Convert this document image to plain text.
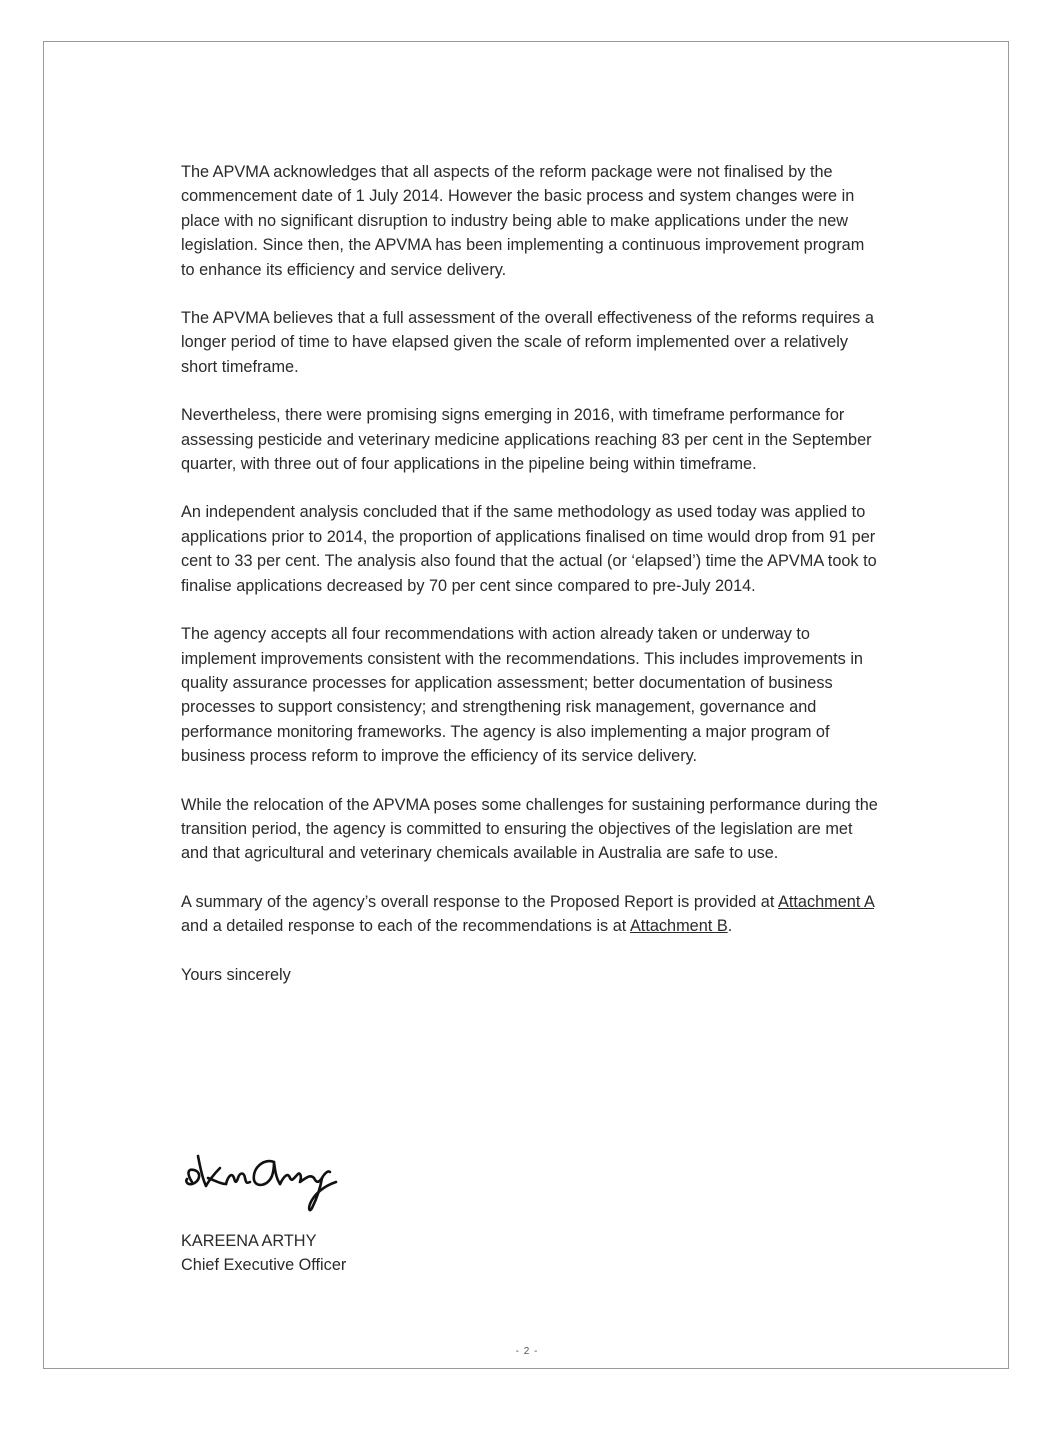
The APVMA acknowledges that all aspects of the reform package were not finalised by the commencement date of 1 July 2014. However the basic process and system changes were in place with no significant disruption to industry being able to make applications under the new legislation. Since then, the APVMA has been implementing a continuous improvement program to enhance its efficiency and service delivery.

The APVMA believes that a full assessment of the overall effectiveness of the reforms requires a longer period of time to have elapsed given the scale of reform implemented over a relatively short timeframe.

Nevertheless, there were promising signs emerging in 2016, with timeframe performance for assessing pesticide and veterinary medicine applications reaching 83 per cent in the September quarter, with three out of four applications in the pipeline being within timeframe.

An independent analysis concluded that if the same methodology as used today was applied to applications prior to 2014, the proportion of applications finalised on time would drop from 91 per cent to 33 per cent. The analysis also found that the actual (or ‘elapsed’) time the APVMA took to finalise applications decreased by 70 per cent since compared to pre-July 2014.

The agency accepts all four recommendations with action already taken or underway to implement improvements consistent with the recommendations. This includes improvements in quality assurance processes for application assessment; better documentation of business processes to support consistency; and strengthening risk management, governance and performance monitoring frameworks. The agency is also implementing a major program of business process reform to improve the efficiency of its service delivery.

While the relocation of the APVMA poses some challenges for sustaining performance during the transition period, the agency is committed to ensuring the objectives of the legislation are met and that agricultural and veterinary chemicals available in Australia are safe to use.

A summary of the agency’s overall response to the Proposed Report is provided at Attachment A and a detailed response to each of the recommendations is at Attachment B.

Yours sincerely

KAREENA ARTHY
Chief Executive Officer
- 2 -
